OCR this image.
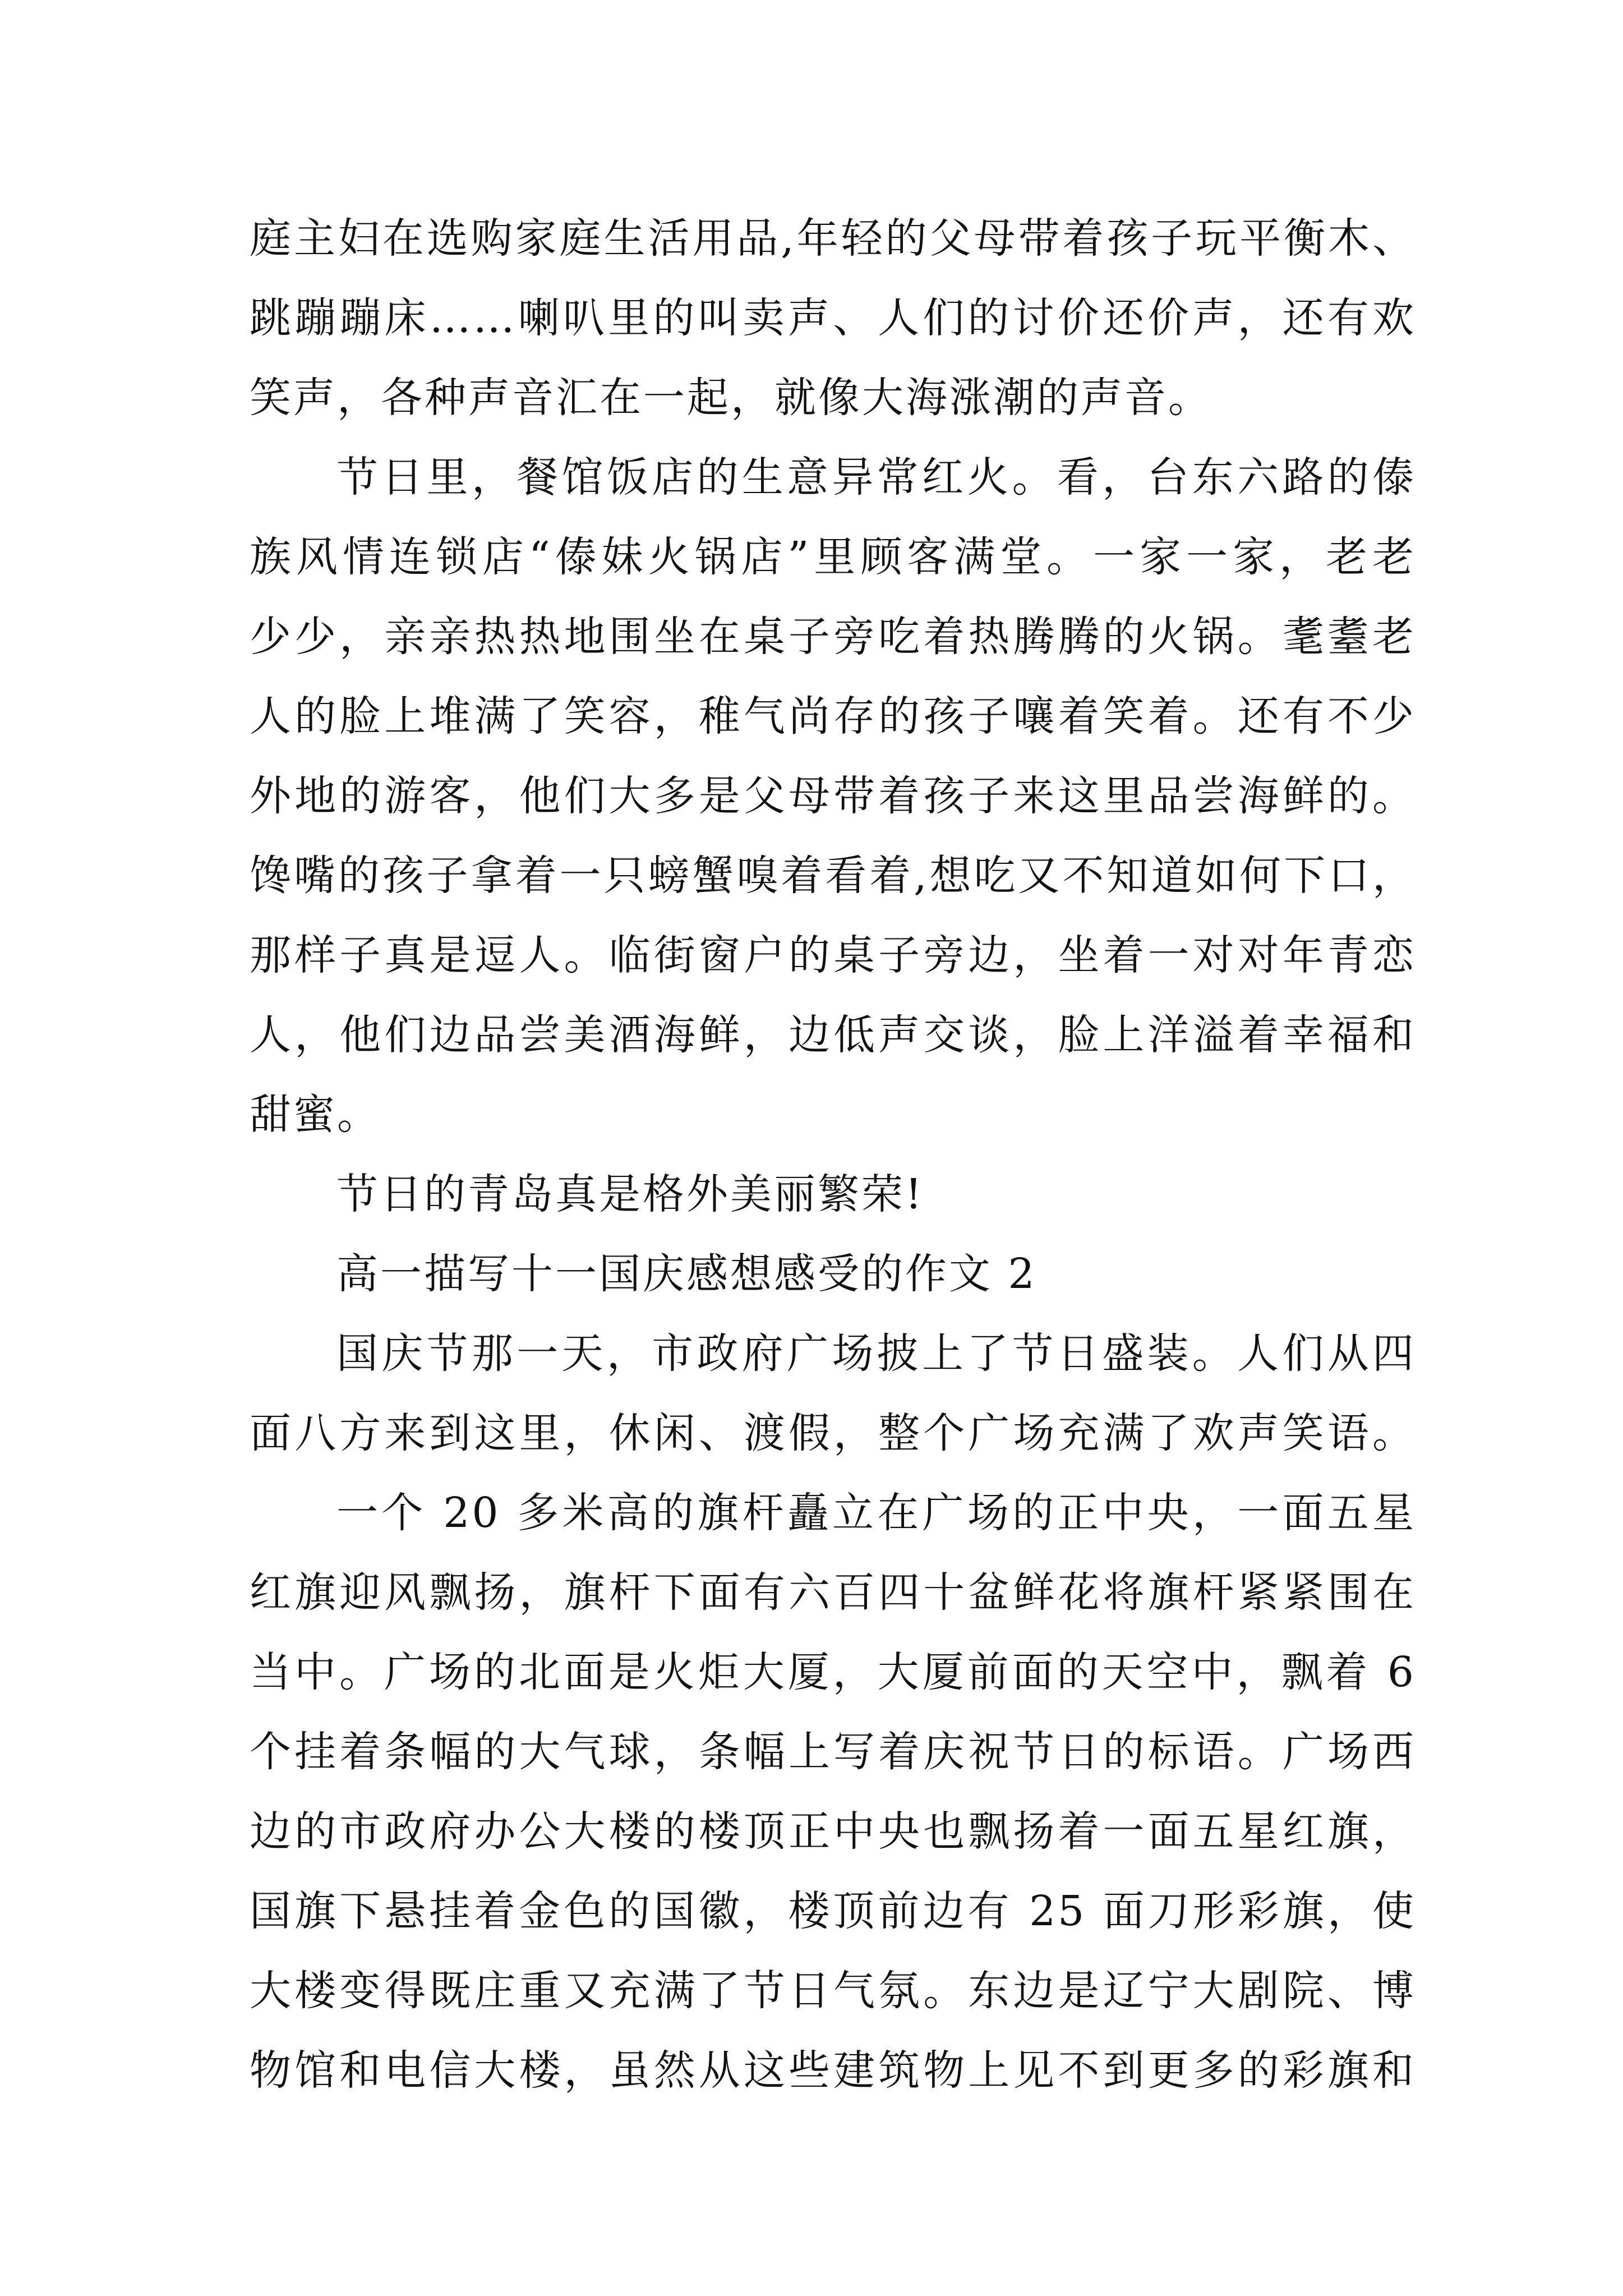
庭主妇在选购家庭生活用品,年轻的父母带着孩子玩平衡木、
跳蹦蹦床……喇叭里的叫卖声、人们的讨价还价声，还有欢
笑声，各种声音汇在一起，就像大海涨潮的声音。
节日里，餐馆饭店的生意异常红火。看，台东六路的傣
族风情连锁店“傣妹火锅店”里顾客满堂。一家一家，老老
少少，亲亲热热地围坐在桌子旁吃着热腾腾的火锅。耄耋老
人的脸上堆满了笑容，稚气尚存的孩子嚷着笑着。还有不少
外地的游客，他们大多是父母带着孩子来这里品尝海鲜的。
馋嘴的孩子拿着一只螃蟹嗅着看着,想吃又不知道如何下口，
那样子真是逗人。临街窗户的桌子旁边，坐着一对对年青恋
人，他们边品尝美酒海鲜，边低声交谈，脸上洋溢着幸福和
甜蜜。
节日的青岛真是格外美丽繁荣!
高一描写十一国庆感想感受的作文 2
国庆节那一天，市政府广场披上了节日盛装。人们从四
面八方来到这里，休闲、渡假，整个广场充满了欢声笑语。
一个 20 多米高的旗杆矗立在广场的正中央，一面五星
红旗迎风飘扬，旗杆下面有六百四十盆鲜花将旗杆紧紧围在
当中。广场的北面是火炬大厦，大厦前面的天空中，飘着 6
个挂着条幅的大气球，条幅上写着庆祝节日的标语。广场西
边的市政府办公大楼的楼顶正中央也飘扬着一面五星红旗，
国旗下悬挂着金色的国徽，楼顶前边有 25 面刀形彩旗，使
大楼变得既庄重又充满了节日气氛。东边是辽宁大剧院、博
物馆和电信大楼，虽然从这些建筑物上见不到更多的彩旗和
